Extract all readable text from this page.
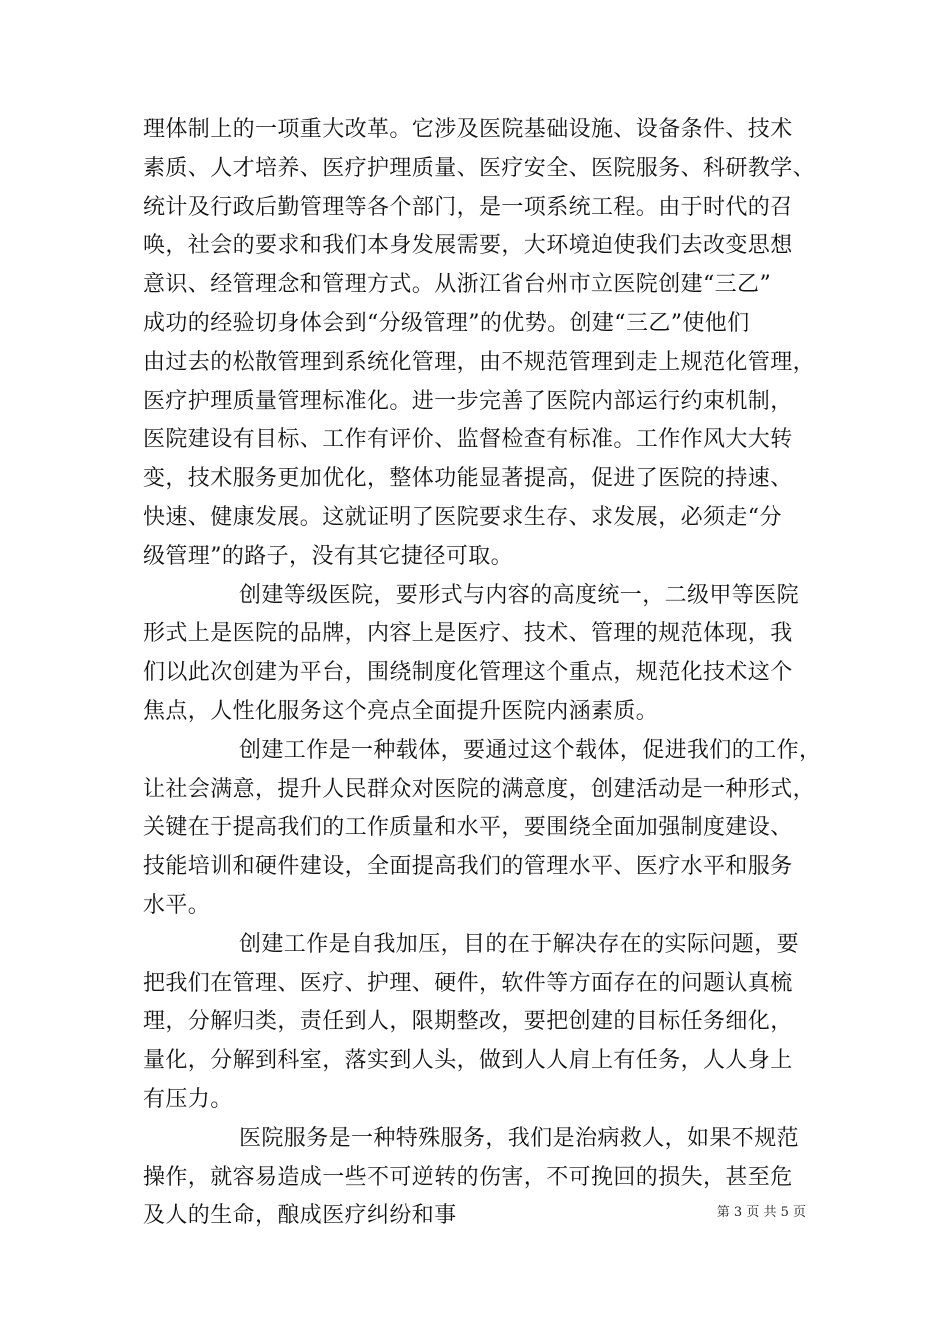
理体制上的一项重大改革。它涉及医院基础设施、设备条件、技术
素质、人才培养、医疗护理质量、医疗安全、医院服务、科研教学、
统计及行政后勤管理等各个部门，是一项系统工程。由于时代的召
唤，社会的要求和我们本身发展需要，大环境迫使我们去改变思想
意识、经管理念和管理方式。从浙江省台州市立医院创建“三乙”
成功的经验切身体会到“分级管理”的优势。创建“三乙”使他们
由过去的松散管理到系统化管理，由不规范管理到走上规范化管理，
医疗护理质量管理标准化。进一步完善了医院内部运行约束机制，
医院建设有目标、工作有评价、监督检查有标准。工作作风大大转
变，技术服务更加优化，整体功能显著提高，促进了医院的持速、
快速、健康发展。这就证明了医院要求生存、求发展，必须走“分
级管理”的路子，没有其它捷径可取。
创建等级医院，要形式与内容的高度统一，二级甲等医院
形式上是医院的品牌，内容上是医疗、技术、管理的规范体现，我
们以此次创建为平台，围绕制度化管理这个重点，规范化技术这个
焦点，人性化服务这个亮点全面提升医院内涵素质。
创建工作是一种载体，要通过这个载体，促进我们的工作，
让社会满意，提升人民群众对医院的满意度，创建活动是一种形式，
关键在于提高我们的工作质量和水平，要围绕全面加强制度建设、
技能培训和硬件建设，全面提高我们的管理水平、医疗水平和服务
水平。
创建工作是自我加压，目的在于解决存在的实际问题，要
把我们在管理、医疗、护理、硬件，软件等方面存在的问题认真梳
理，分解归类，责任到人，限期整改，要把创建的目标任务细化，
量化，分解到科室，落实到人头，做到人人肩上有任务，人人身上
有压力。
医院服务是一种特殊服务，我们是治病救人，如果不规范
操作，就容易造成一些不可逆转的伤害，不可挽回的损失，甚至危
及人的生命，酿成医疗纠纷和事	第 3 页 共 5 页
